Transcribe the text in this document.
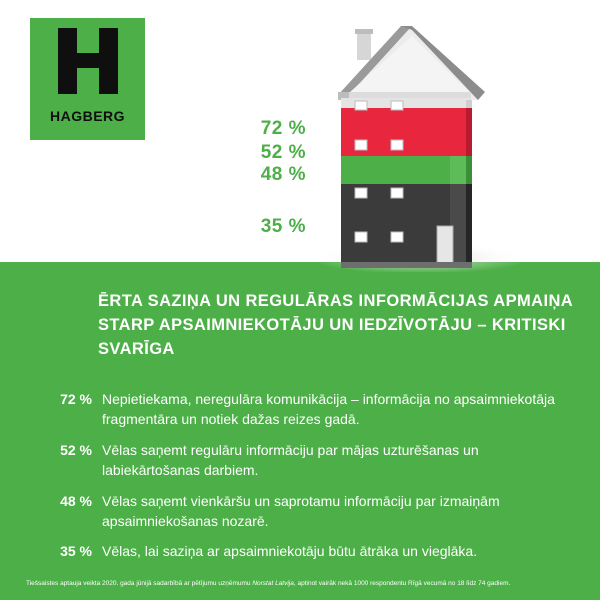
HAGBERG
72 %
52 %
48 %
35 %
ĒRTA SAZIŅA UN REGULĀRAS INFORMĀCIJAS APMAIŅA STARP APSAIMNIEKOTĀJU UN IEDZĪVOTĀJU – KRITISKI SVARĪGA
72 % Nepietiekama, neregulāra komunikācija – informācija no apsaimniekotāja fragmentāra un notiek dažas reizes gadā.
52 % Vēlas saņemt regulāru informāciju par mājas uzturēšanas un labiekārtošanas darbiem.
48 % Vēlas saņemt vienkāršu un saprotamu informāciju par izmaiņām apsaimniekošanas nozarē.
35 % Vēlas, lai saziņa ar apsaimniekotāju būtu ātrāka un vieglāka.
Tiešsaistes aptauja veikta 2020. gada jūnijā sadarbībā ar pētījumu uzņēmumu Norstat Latvija, aptinot vairāk nekā 1000 respondentu Rīgā vecumā no 18 līdz 74 gadiem.
